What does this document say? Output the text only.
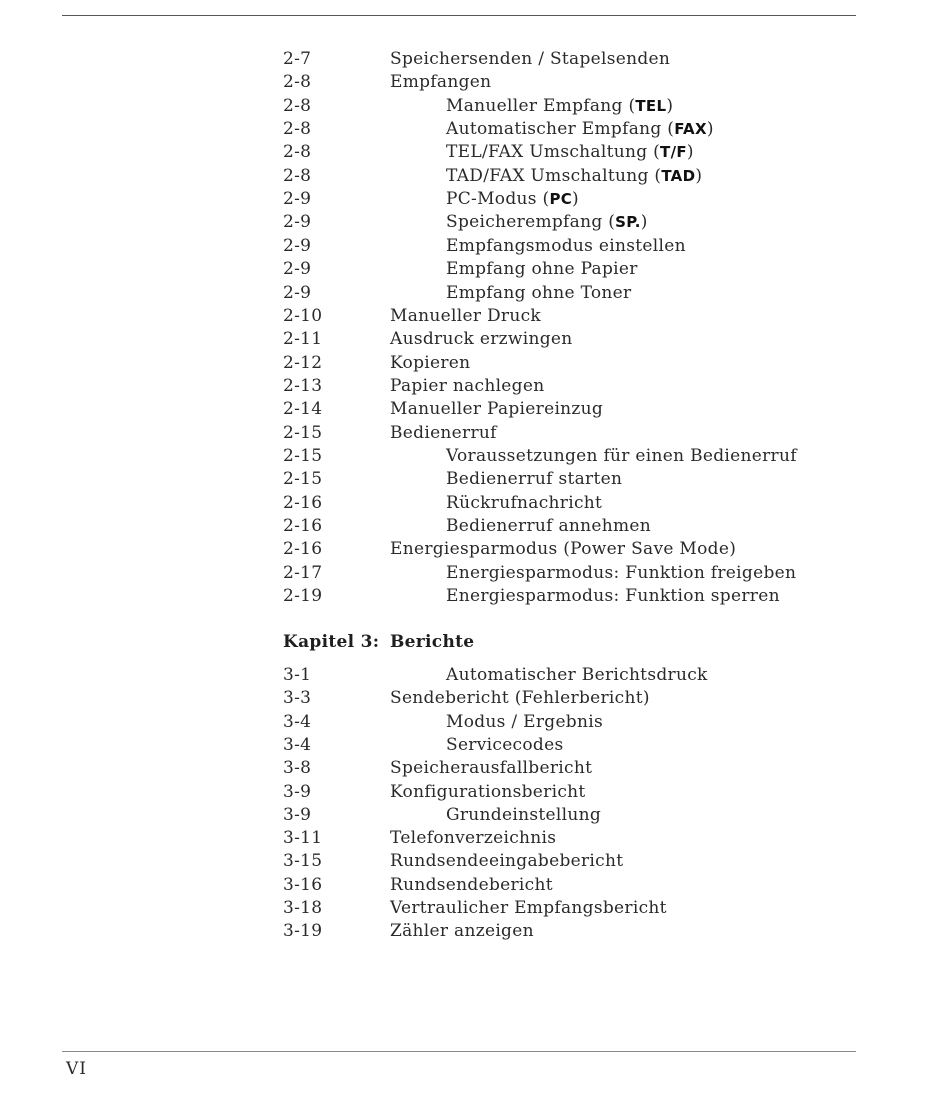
Kapitel 3: Berichte
2-7	Speichersenden / Stapelsenden
2-8	Empfangen
2-8	Manueller Empfang (TEL)
2-8	Automatischer Empfang (FAX)
2-8	TEL/FAX Umschaltung (T/F)
2-8	TAD/FAX Umschaltung (TAD)
2-9	PC-Modus (PC)
2-9	Speicherempfang (SP.)
2-9	Empfangsmodus einstellen
2-9	Empfang ohne Papier
2-9	Empfang ohne Toner
2-10	Manueller Druck
2-11	Ausdruck erzwingen
2-12	Kopieren
2-13	Papier nachlegen
2-14	Manueller Papiereinzug
2-15	Bedienerruf
2-15	Voraussetzungen für einen Bedienerruf
2-15	Bedienerruf starten
2-16	Rückrufnachricht
2-16	Bedienerruf annehmen
2-16	Energiesparmodus (Power Save Mode)
2-17	Energiesparmodus: Funktion freigeben
2-19	Energiesparmodus: Funktion sperren
3-1	Automatischer Berichtsdruck
3-3	Sendebericht (Fehlerbericht)
3-4	Modus / Ergebnis
3-4	Servicecodes
3-8	Speicherausfallbericht
3-9	Konfigurationsbericht
3-9	Grundeinstellung
3-11	Telefonverzeichnis
3-15	Rundsendeeingabebericht
3-16	Rundsendebericht
3-18	Vertraulicher Empfangsbericht
3-19	Zähler anzeigen
VI
